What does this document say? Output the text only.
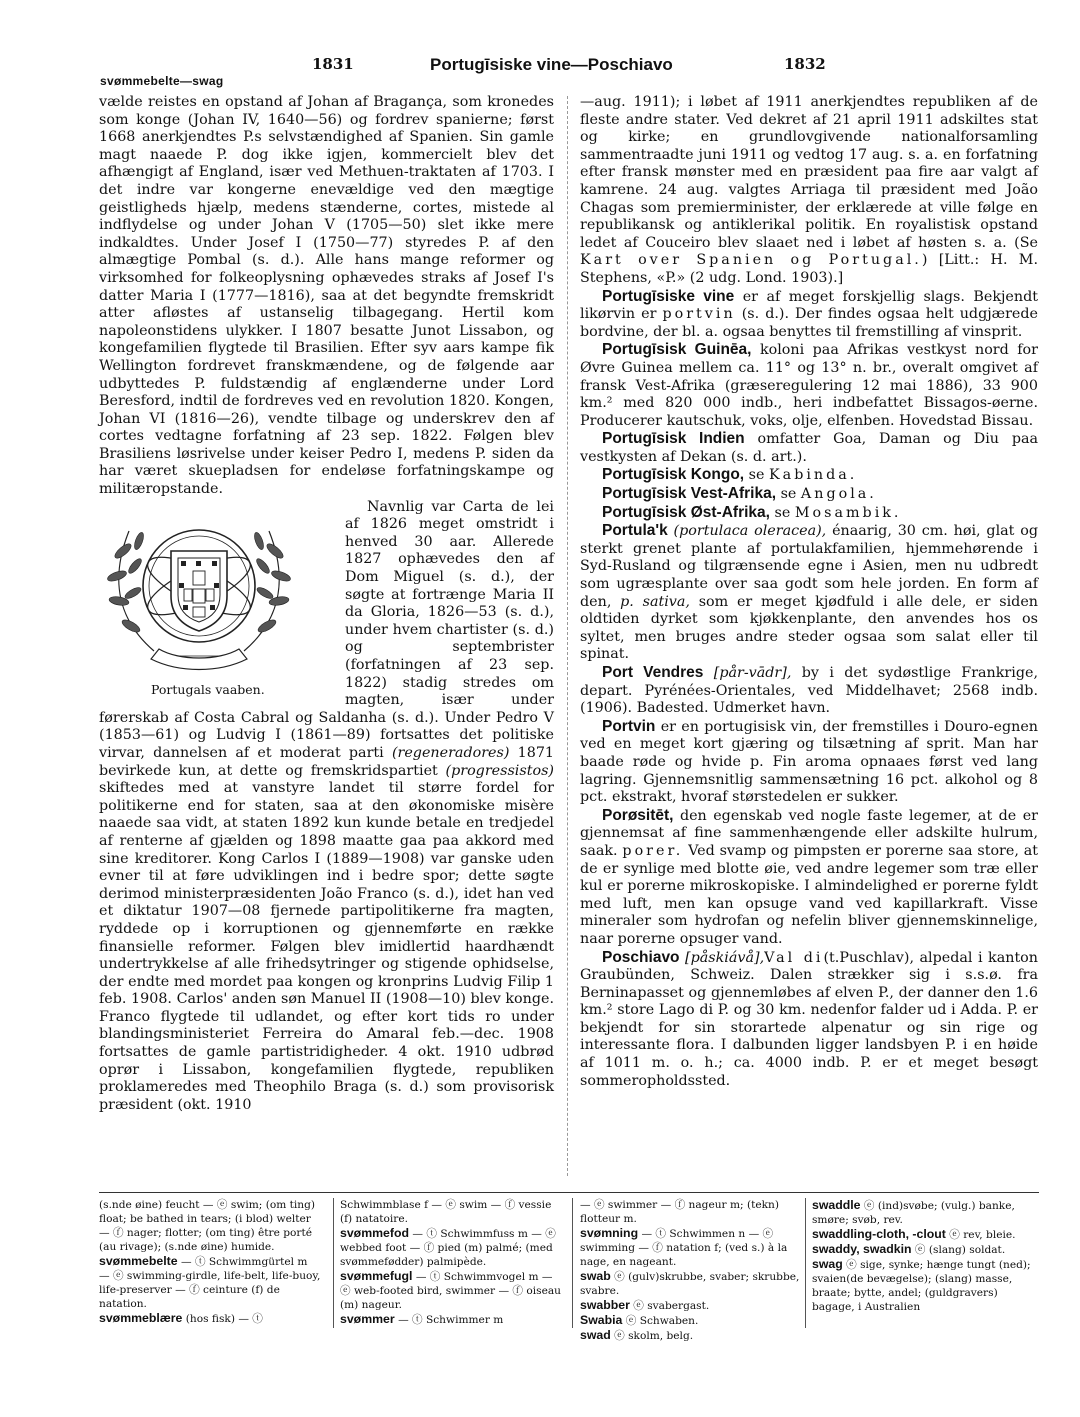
1831	Portugīsiske vine—Poschiavo	1832
svømmebelte—swag

vælde reistes en opstand af Johan af Bragança, som kronedes som konge (Johan IV, 1640—56) og fordrev spanierne; først 1668 anerkjendtes P.s selvstændighed af Spanien. Sin gamle magt naaede P. dog ikke igjen, kommercielt blev det afhængigt af England, især ved Methuen-traktaten af 1703. I det indre var kongerne enevældige ved den mægtige geistligheds hjælp, medens stænderne, cortes, mistede al indflydelse og under Johan V (1705—50) slet ikke mere indkaldtes. Under Josef I (1750—77) styredes P. af den almægtige Pombal (s. d.). Alle hans mange reformer og virksomhed for folkeoplysning ophævedes straks af Josef I's datter Maria I (1777—1816), saa at det begyndte fremskridt atter afløstes af ustanselig tilbagegang. Hertil kom napoleonstidens ulykker. I 1807 besatte Junot Lissabon, og kongefamilien flygtede til Brasilien. Efter syv aars kampe fik Wellington fordrevet franskmændene, og de følgende aar udbyttedes P. fuldstændig af englænderne under Lord Beresford, indtil de fordreves ved en revolution 1820. Kongen, Johan VI (1816—26), vendte tilbage og underskrev den af cortes vedtagne forfatning af 23 sep. 1822. Følgen blev Brasiliens løsrivelse under keiser Pedro I, medens P. siden da har været skuepladsen for endeløse forfatningskampe og militæropstande.

Portugals vaaben.

Navnlig var Carta de lei af 1826 meget omstridt i henved 30 aar. Allerede 1827 ophævedes den af Dom Miguel (s. d.), der søgte at fortrænge Maria II da Gloria, 1826—53 (s. d.), under hvem chartister (s. d.) og septembrister (forfatningen af 23 sep. 1822) stadig stredes om magten, især under førerskab af Costa Cabral og Saldanha (s. d.). Under Pedro V (1853—61) og Ludvig I (1861—89) fortsattes det politiske virvar, dannelsen af et moderat parti (regeneradores) 1871 bevirkede kun, at dette og fremskridspartiet (progressistos) skiftedes med at vanstyre landet til større fordel for politikerne end for staten, saa at den økonomiske misère naaede saa vidt, at staten 1892 kun kunde betale en tredjedel af renterne af gjælden og 1898 maatte gaa paa akkord med sine kreditorer. Kong Carlos I (1889—1908) var ganske uden evner til at føre udviklingen ind i bedre spor; dette søgte derimod ministerpræsidenten João Franco (s. d.), idet han ved et diktatur 1907—08 fjernede partipolitikerne fra magten, ryddede op i korruptionen og gjennemførte en række finansielle reformer. Følgen blev imidlertid haardhændt undertrykkelse af alle frihedsytringer og stigende ophidselse, der endte med mordet paa kongen og kronprins Ludvig Filip 1 feb. 1908. Carlos' anden søn Manuel II (1908—10) blev konge. Franco flygtede til udlandet, og efter kort tids ro under blandingsministeriet Ferreira do Amaral feb.—dec. 1908 fortsattes de gamle partistridigheder. 4 okt. 1910 udbrød oprør i Lissabon, kongefamilien flygtede, republiken proklameredes med Theophilo Braga (s. d.) som provisorisk præsident (okt. 1910

—aug. 1911); i løbet af 1911 anerkjendtes republiken af de fleste andre stater. Ved dekret af 21 april 1911 adskiltes stat og kirke; en grundlovgivende nationalforsamling sammentraadte juni 1911 og vedtog 17 aug. s. a. en forfatning efter fransk mønster med en præsident paa fire aar valgt af kamrene. 24 aug. valgtes Arriaga til præsident med João Chagas som premierminister, der erklærede at ville følge en republikansk og antiklerikal politik. En royalistisk opstand ledet af Couceiro blev slaaet ned i løbet af høsten s. a. (Se Kart over Spanien og Portugal.) [Litt.: H. M. Stephens, «P.» (2 udg. Lond. 1903).]

Portugīsiske vine er af meget forskjellig slags. Bekjendt likørvin er portvin (s. d.). Der findes ogsaa helt udgjærede bordvine, der bl. a. ogsaa benyttes til fremstilling af vinsprit.

Portugīsisk Guinēa, koloni paa Afrikas vestkyst nord for Øvre Guinea mellem ca. 11° og 13° n. br., overalt omgivet af fransk Vest-Afrika (græseregulering 12 mai 1886), 33 900 km.² med 820 000 indb., heri indbefattet Bissagos-øerne. Producerer kautschuk, voks, olje, elfenben. Hovedstad Bissau.

Portugīsisk Indien omfatter Goa, Daman og Diu paa vestkysten af Dekan (s. d. art.).

Portugīsisk Kongo, se Kabinda.

Portugīsisk Vest-Afrika, se Angola.

Portugīsisk Øst-Afrika, se Mosambik.

Portula'k (portulaca oleracea), énaarig, 30 cm. høi, glat og sterkt grenet plante af portulakfamilien, hjemmehørende i Syd-Rusland og tilgrænsende egne i Asien, men nu udbredt som ugræsplante over saa godt som hele jorden. En form af den, p. sativa, som er meget kjødfuld i alle dele, er siden oldtiden dyrket som kjøkkenplante, den anvendes hos os syltet, men bruges andre steder ogsaa som salat eller til spinat.

Port Vendres [pår-vādr], by i det sydøstlige Frankrige, depart. Pyrénées-Orientales, ved Middelhavet; 2568 indb. (1906). Badested. Udmerket havn.

Portvin er en portugisisk vin, der fremstilles i Douro-egnen ved en meget kort gjæring og tilsætning af sprit. Man har baade røde og hvide p. Fin aroma opnaaes først ved lang lagring. Gjennemsnitlig sammensætning 16 pct. alkohol og 8 pct. ekstrakt, hvoraf størstedelen er sukker.

Porøsitēt, den egenskab ved nogle faste legemer, at de er gjennemsat af fine sammenhængende eller adskilte hulrum, saak. porer. Ved svamp og pimpsten er porerne saa store, at de er synlige med blotte øie, ved andre legemer som træ eller kul er porerne mikroskopiske. I almindelighed er porerne fyldt med luft, men kan opsuge vand ved kapillarkraft. Visse mineraler som hydrofan og nefelin bliver gjennemskinnelige, naar porerne opsuger vand.

Poschiavo [påskiávå],Val di(t.Puschlav), alpedal i kanton Graubünden, Schweiz. Dalen strækker sig i s.s.ø. fra Berninapasset og gjennemløbes af elven P., der danner den 1.6 km.² store Lago di P. og 30 km. nedenfor falder ud i Adda. P. er bekjendt for sin storartede alpenatur og sin rige og interessante flora. I dalbunden ligger landsbyen P. i en høide af 1011 m. o. h.; ca. 4000 indb. P. er et meget besøgt sommeropholdssted.

(s.nde øine) feucht — ⓔ swim; (om ting) float; be bathed in tears; (i blod) welter — ⓕ nager; flotter; (om ting) être porté (au rivage); (s.nde øine) humide.

svømmebelte — ⓣ Schwimmgürtel m — ⓔ swimming-girdle, life-belt, life-buoy, life-preserver — ⓕ ceinture (f) de natation.

svømmeblære (hos fisk) — ⓣ

Schwimmblase f — ⓔ swim — ⓕ vessie (f) natatoire.

svømmefod — ⓣ Schwimmfuss m — ⓔ webbed foot — ⓕ pied (m) palmé; (med svømmefødder) palmipède.

svømmefugl — ⓣ Schwimmvogel m — ⓔ web-footed bird, swimmer — ⓕ oiseau (m) nageur.

svømmer — ⓣ Schwimmer m

— ⓔ swimmer — ⓕ nageur m; (tekn) flotteur m.

svømning — ⓣ Schwimmen n — ⓔ swimming — ⓕ natation f; (ved s.) à la nage, en nageant.

swab ⓔ (gulv)skrubbe, svaber; skrubbe, svabre.

swabber ⓔ svabergast.

Swabia ⓔ Schwaben.

swad ⓔ skolm, belg.

swaddle ⓔ (ind)svøbe; (vulg.) banke, smøre; svøb, rev.

swaddling-cloth, -clout ⓔ rev, bleie.

swaddy, swadkin ⓔ (slang) soldat.

swag ⓔ sige, synke; hænge tungt (ned); svaien(de bevægelse); (slang) masse, braate; bytte, andel; (guldgravers) bagage, i Australien
